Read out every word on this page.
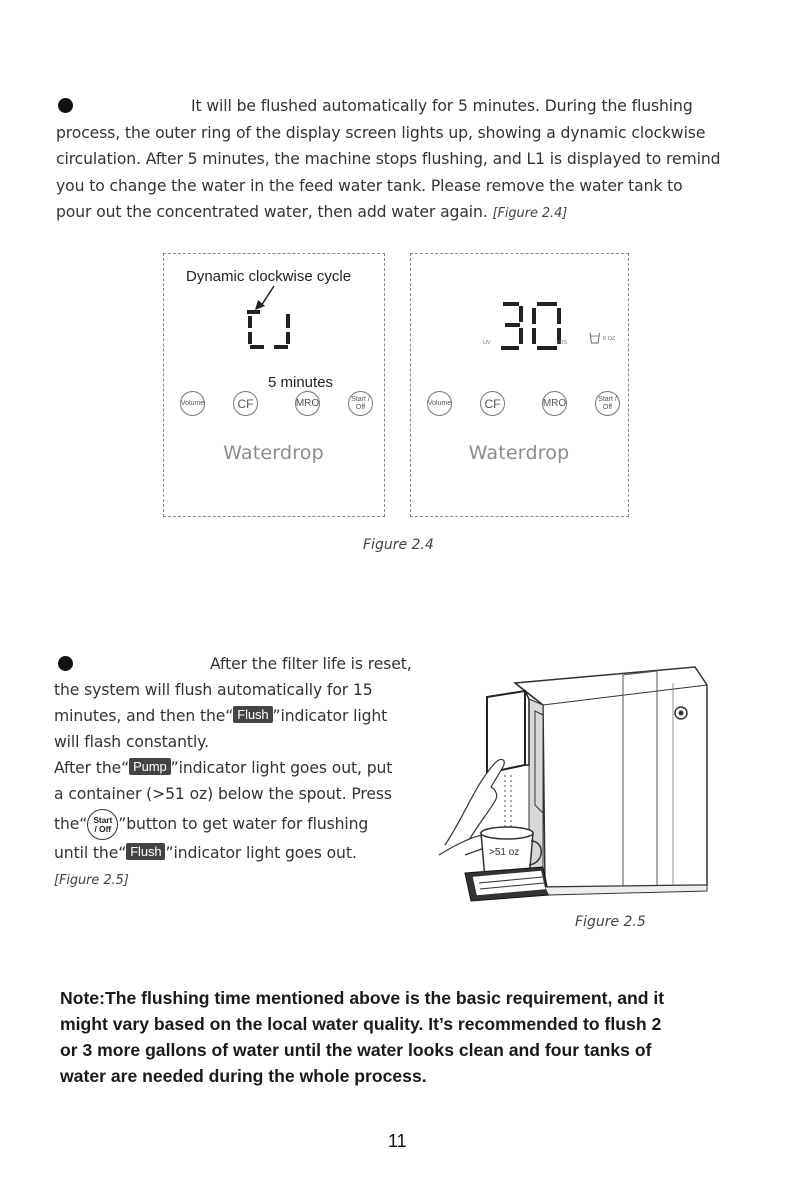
It will be flushed automatically for 5 minutes. During the flushing
process, the outer ring of the display screen lights up, showing a dynamic clockwise
circulation. After 5 minutes, the machine stops flushing, and L1 is displayed to remind
you to change the water in the feed water tank. Please remove the water tank to
pour out the concentrated water, then add water again. [Figure 2.4]
Dynamic clockwise cycle
5 minutes
Volume	CF	MRO	Start / Off
Waterdrop
UV	TDS
8 OZ
Volume	CF	MRO	Start / Off
Waterdrop
Figure 2.4
After the filter life is reset,
the system will flush automatically for 15
minutes, and then the“ Flush ”indicator light
will flash constantly.
After the“ Pump ”indicator light goes out, put
a container (>51 oz) below the spout. Press
the“ Start
/ Off ”button to get water for flushing
until the“ Flush ”indicator light goes out.
[Figure 2.5]
>51 oz
Figure 2.5
Note:The flushing time mentioned above is the basic requirement, and it
might vary based on the local water quality. It’s recommended to flush 2
or 3 more gallons of water until the water looks clean and four tanks of
water are needed during the whole process.
11
